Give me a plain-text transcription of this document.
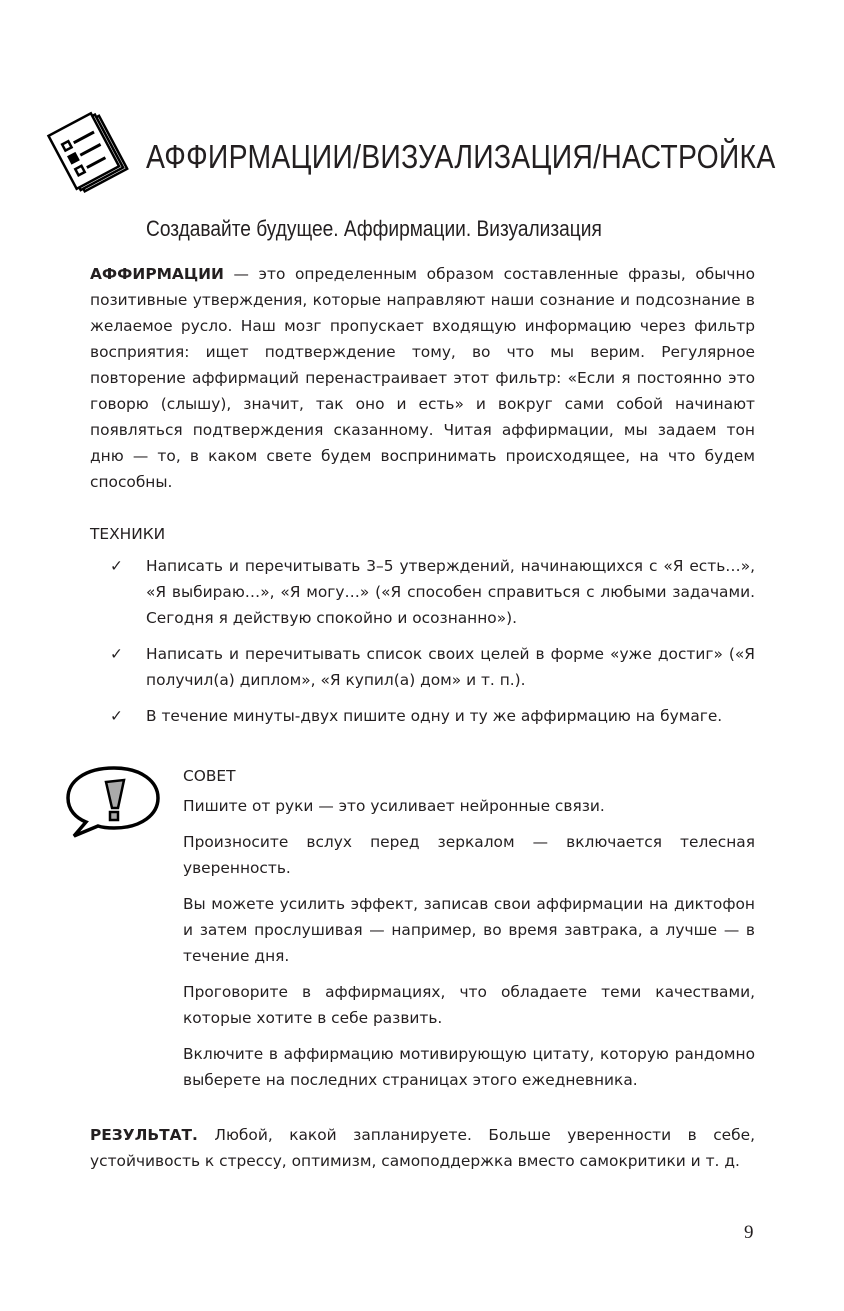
АФФИРМАЦИИ/ВИЗУАЛИЗАЦИЯ/НАСТРОЙКА
Создавайте будущее. Аффирмации. Визуализация
АФФИРМАЦИИ — это определенным образом составленные фразы, обычно позитивные утверждения, которые направляют наши сознание и подсознание в желаемое русло. Наш мозг пропускает входящую информацию через фильтр восприятия: ищет подтверждение тому, во что мы верим. Регулярное повторение аффирмаций перенастраивает этот фильтр: «Если я постоянно это говорю (слышу), значит, так оно и есть» и вокруг сами собой начинают появляться подтверждения сказанному. Читая аффирмации, мы задаем тон дню — то, в каком свете будем воспринимать происходящее, на что будем способны.
ТЕХНИКИ
✓ Написать и перечитывать 3–5 утверждений, начинающихся с «Я есть…», «Я выбираю…», «Я могу…» («Я способен справиться с любыми задачами. Сегодня я действую спокойно и осознанно»).
✓ Написать и перечитывать список своих целей в форме «уже достиг» («Я получил(а) диплом», «Я купил(а) дом» и т. п.).
✓ В течение минуты-двух пишите одну и ту же аффирмацию на бумаге.
СОВЕТ

Пишите от руки — это усиливает нейронные связи.

Произносите вслух перед зеркалом — включается телесная уверенность.

Вы можете усилить эффект, записав свои аффирмации на диктофон и затем прослушивая — например, во время завтрака, а лучше — в течение дня.

Проговорите в аффирмациях, что обладаете теми качествами, которые хотите в себе развить.

Включите в аффирмацию мотивирующую цитату, которую рандомно выберете на последних страницах этого ежедневника.

РЕЗУЛЬТАТ. Любой, какой запланируете. Больше уверенности в себе, устойчивость к стрессу, оптимизм, самоподдержка вместо самокритики и т. д.
9
